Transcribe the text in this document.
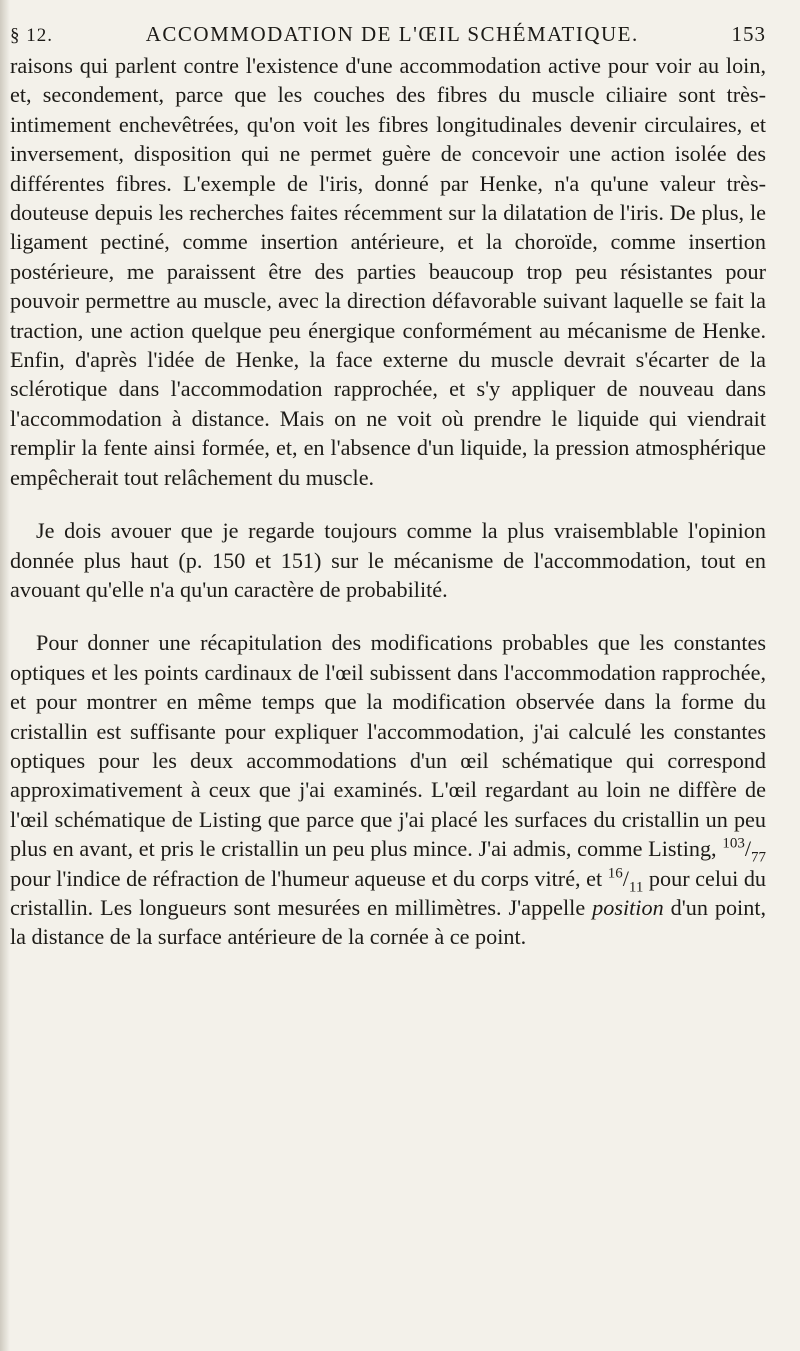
§ 12.	ACCOMMODATION DE L'ŒIL SCHÉMATIQUE.	153

raisons qui parlent contre l'existence d'une accommodation active pour voir au loin, et, secondement, parce que les couches des fibres du muscle ciliaire sont très-intimement enchevêtrées, qu'on voit les fibres longitudinales devenir circulaires, et inversement, disposition qui ne permet guère de concevoir une action isolée des différentes fibres. L'exemple de l'iris, donné par Henke, n'a qu'une valeur très-douteuse depuis les recherches faites récemment sur la dilatation de l'iris. De plus, le ligament pectiné, comme insertion antérieure, et la choroïde, comme insertion postérieure, me paraissent être des parties beaucoup trop peu résistantes pour pouvoir permettre au muscle, avec la direction défavorable suivant laquelle se fait la traction, une action quelque peu énergique conformément au mécanisme de Henke. Enfin, d'après l'idée de Henke, la face externe du muscle devrait s'écarter de la sclérotique dans l'accommodation rapprochée, et s'y appliquer de nouveau dans l'accommodation à distance. Mais on ne voit où prendre le liquide qui viendrait remplir la fente ainsi formée, et, en l'absence d'un liquide, la pression atmosphérique empêcherait tout relâchement du muscle.

Je dois avouer que je regarde toujours comme la plus vraisemblable l'opinion donnée plus haut (p. 150 et 151) sur le mécanisme de l'accommodation, tout en avouant qu'elle n'a qu'un caractère de probabilité.

Pour donner une récapitulation des modifications probables que les constantes optiques et les points cardinaux de l'œil subissent dans l'accommodation rapprochée, et pour montrer en même temps que la modification observée dans la forme du cristallin est suffisante pour expliquer l'accommodation, j'ai calculé les constantes optiques pour les deux accommodations d'un œil schématique qui correspond approximativement à ceux que j'ai examinés. L'œil regardant au loin ne diffère de l'œil schématique de Listing que parce que j'ai placé les surfaces du cristallin un peu plus en avant, et pris le cristallin un peu plus mince. J'ai admis, comme Listing, $^{103}/_{77}$ pour l'indice de réfraction de l'humeur aqueuse et du corps vitré, et $^{16}/_{11}$ pour celui du cristallin. Les longueurs sont mesurées en millimètres. J'appelle position d'un point, la distance de la surface antérieure de la cornée à ce point.
